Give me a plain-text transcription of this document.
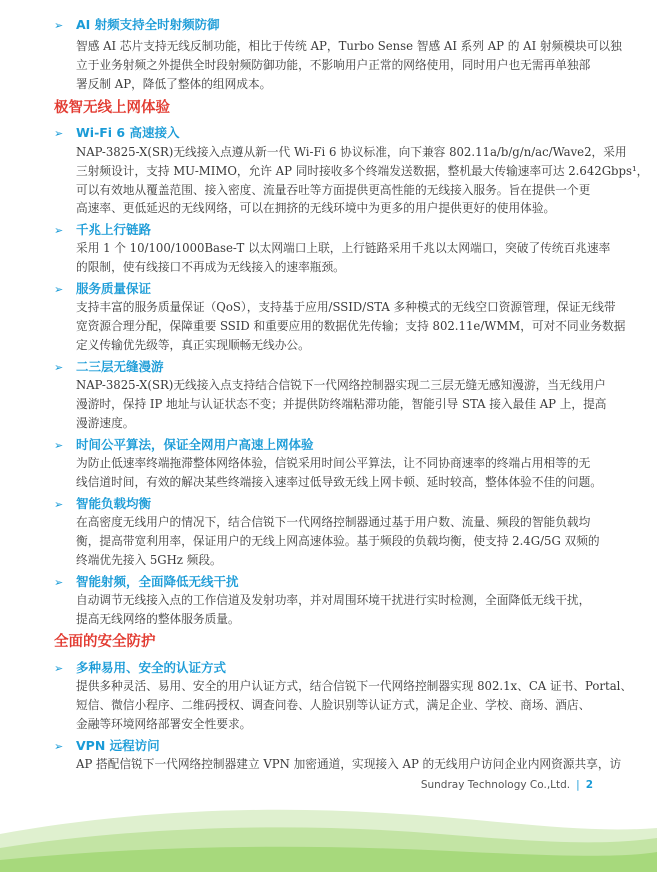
➢ AI 射频支持全时射频防御
智感 AI 芯片支持无线反制功能，相比于传统 AP，Turbo Sense 智感 AI 系列 AP 的 AI 射频模块可以独
立于业务射频之外提供全时段射频防御功能，不影响用户正常的网络使用，同时用户也无需再单独部
署反制 AP，降低了整体的组网成本。
极智无线上网体验
➢ Wi-Fi 6 高速接入
NAP-3825-X(SR)无线接入点遵从新一代 Wi-Fi 6 协议标准，向下兼容 802.11a/b/g/n/ac/Wave2，采用
三射频设计，支持 MU-MIMO，允许 AP 同时接收多个终端发送数据，整机最大传输速率可达 2.642Gbps¹，
可以有效地从覆盖范围、接入密度、流量吞吐等方面提供更高性能的无线接入服务。旨在提供一个更
高速率、更低延迟的无线网络，可以在拥挤的无线环境中为更多的用户提供更好的使用体验。
➢ 千兆上行链路
采用 1 个 10/100/1000Base-T 以太网端口上联，上行链路采用千兆以太网端口，突破了传统百兆速率
的限制，使有线接口不再成为无线接入的速率瓶颈。
➢ 服务质量保证
支持丰富的服务质量保证（QoS），支持基于应用/SSID/STA 多种模式的无线空口资源管理，保证无线带
宽资源合理分配，保障重要 SSID 和重要应用的数据优先传输；支持 802.11e/WMM，可对不同业务数据
定义传输优先级等，真正实现顺畅无线办公。
➢ 二三层无缝漫游
NAP-3825-X(SR)无线接入点支持结合信锐下一代网络控制器实现二三层无缝无感知漫游，当无线用户
漫游时，保持 IP 地址与认证状态不变；并提供防终端粘滞功能，智能引导 STA 接入最佳 AP 上，提高
漫游速度。
➢ 时间公平算法，保证全网用户高速上网体验
为防止低速率终端拖滞整体网络体验，信锐采用时间公平算法，让不同协商速率的终端占用相等的无
线信道时间，有效的解决某些终端接入速率过低导致无线上网卡顿、延时较高，整体体验不佳的问题。
➢ 智能负载均衡
在高密度无线用户的情况下，结合信锐下一代网络控制器通过基于用户数、流量、频段的智能负载均
衡，提高带宽利用率，保证用户的无线上网高速体验。基于频段的负载均衡，使支持 2.4G/5G 双频的
终端优先接入 5GHz 频段。
➢ 智能射频，全面降低无线干扰
自动调节无线接入点的工作信道及发射功率，并对周围环境干扰进行实时检测，全面降低无线干扰，
提高无线网络的整体服务质量。
全面的安全防护
➢ 多种易用、安全的认证方式
提供多种灵活、易用、安全的用户认证方式，结合信锐下一代网络控制器实现 802.1x、CA 证书、Portal、
短信、微信小程序、二维码授权、调查问卷、人脸识别等认证方式，满足企业、学校、商场、酒店、
金融等环境网络部署安全性要求。
➢ VPN 远程访问
AP 搭配信锐下一代网络控制器建立 VPN 加密通道，实现接入 AP 的无线用户访问企业内网资源共享，访
Sundray Technology Co.,Ltd. | 2
